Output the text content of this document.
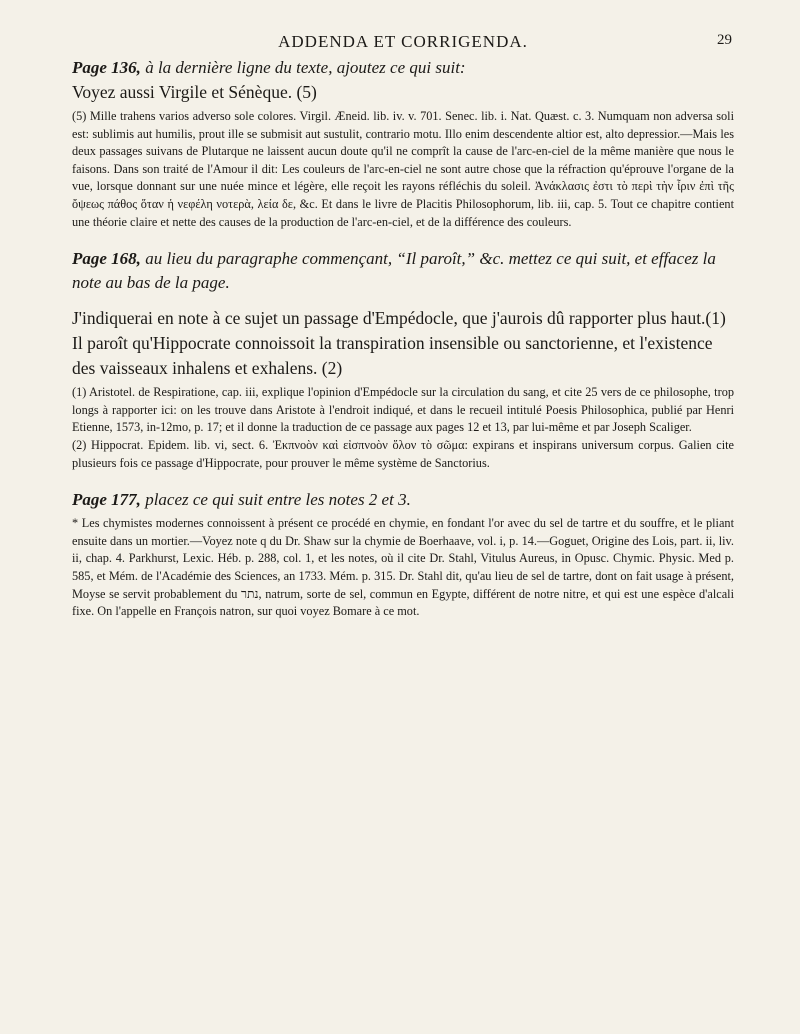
ADDENDA ET CORRIGENDA.	29

Page 136, à la dernière ligne du texte, ajoutez ce qui suit:

Voyez aussi Virgile et Sénèque. (5)

(5) Mille trahens varios adverso sole colores. Virgil. Æneid. lib. iv. v. 701. Senec. lib. i. Nat. Quæst. c. 3. Numquam non adversa soli est: sublimis aut humilis, prout ille se submisit aut sustulit, contrario motu. Illo enim descendente altior est, alto depressior.—Mais les deux passages suivans de Plutarque ne laissent aucun doute qu'il ne comprît la cause de l'arc-en-ciel de la même manière que nous le faisons. Dans son traité de l'Amour il dit: Les couleurs de l'arc-en-ciel ne sont autre chose que la réfraction qu'éprouve l'organe de la vue, lorsque donnant sur une nuée mince et légère, elle reçoit les rayons réfléchis du soleil. Ἀνάκλασις ἐστι τὸ περὶ τὴν ἶριν ἐπὶ τῆς ὄψεως πάθος ὅταν ἡ νεφέλη νοτερὰ, λεία δε, &c. Et dans le livre de Placitis Philosophorum, lib. iii, cap. 5. Tout ce chapitre contient une théorie claire et nette des causes de la production de l'arc-en-ciel, et de la différence des couleurs.

Page 168, au lieu du paragraphe commençant, “Il paroît,” &c. mettez ce qui suit, et effacez la note au bas de la page.

J'indiquerai en note à ce sujet un passage d'Empédocle, que j'aurois dû rapporter plus haut.(1)

Il paroît qu'Hippocrate connoissoit la transpiration insensible ou sanctorienne, et l'existence des vaisseaux inhalens et exhalens. (2)

(1) Aristotel. de Respiratione, cap. iii, explique l'opinion d'Empédocle sur la circulation du sang, et cite 25 vers de ce philosophe, trop longs à rapporter ici: on les trouve dans Aristote à l'endroit indiqué, et dans le recueil intitulé Poesis Philosophica, publié par Henri Etienne, 1573, in-12mo, p. 17; et il donne la traduction de ce passage aux pages 12 et 13, par lui-même et par Joseph Scaliger.

(2) Hippocrat. Epidem. lib. vi, sect. 6. Ἐκπνοὸν καὶ εἰσπνοὸν ὅλον τὸ σῶμα: expirans et inspirans universum corpus. Galien cite plusieurs fois ce passage d'Hippocrate, pour prouver le même système de Sanctorius.

Page 177, placez ce qui suit entre les notes 2 et 3.

* Les chymistes modernes connoissent à présent ce procédé en chymie, en fondant l'or avec du sel de tartre et du souffre, et le pliant ensuite dans un mortier.—Voyez note q du Dr. Shaw sur la chymie de Boerhaave, vol. i, p. 14.—Goguet, Origine des Lois, part. ii, liv. ii, chap. 4. Parkhurst, Lexic. Héb. p. 288, col. 1, et les notes, où il cite Dr. Stahl, Vitulus Aureus, in Opusc. Chymic. Physic. Med p. 585, et Mém. de l'Académie des Sciences, an 1733. Mém. p. 315. Dr. Stahl dit, qu'au lieu de sel de tartre, dont on fait usage à présent, Moyse se servit probablement du נתר, natrum, sorte de sel, commun en Egypte, différent de notre nitre, et qui est une espèce d'alcali fixe. On l'appelle en François natron, sur quoi voyez Bomare à ce mot.
